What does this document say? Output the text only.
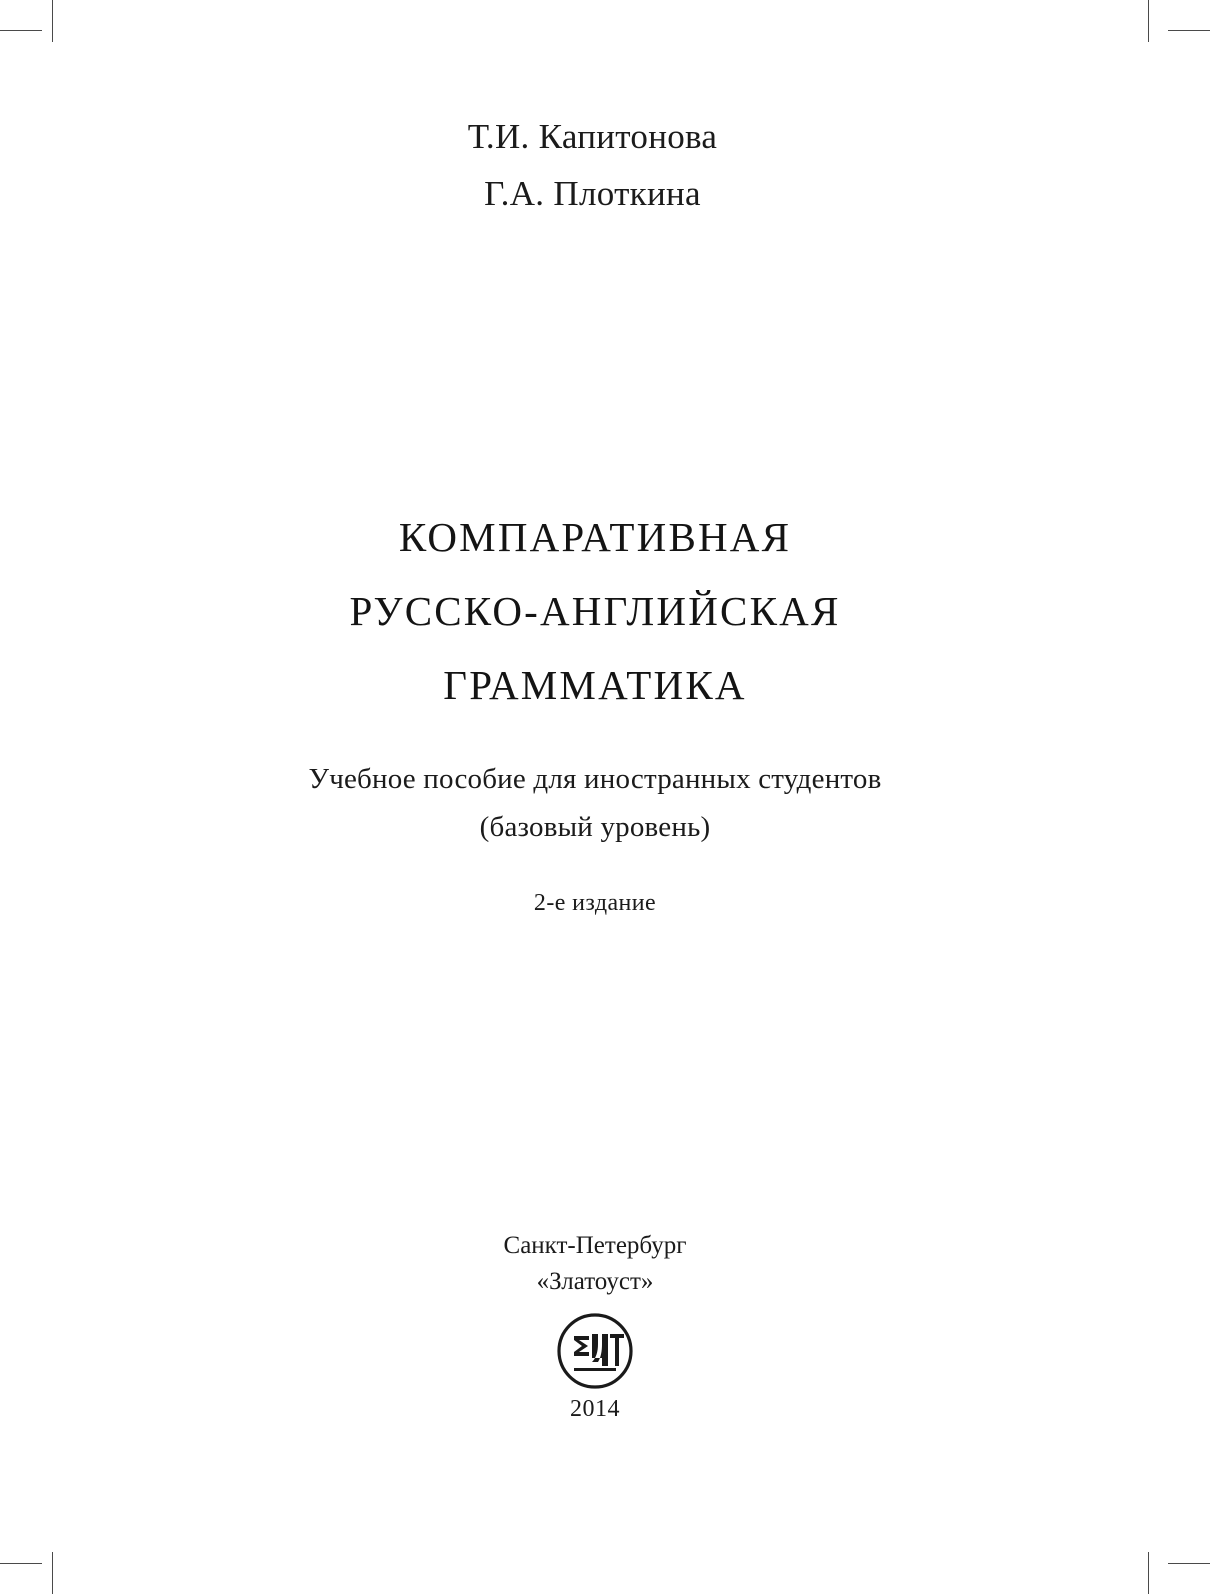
Т.И. Капитонова
Г.А. Плоткина
КОМПАРАТИВНАЯ
РУССКО-АНГЛИЙСКАЯ
ГРАММАТИКА
Учебное пособие для иностранных студентов
(базовый уровень)
2-е издание
Санкт-Петербург
«Златоуст»
2014
